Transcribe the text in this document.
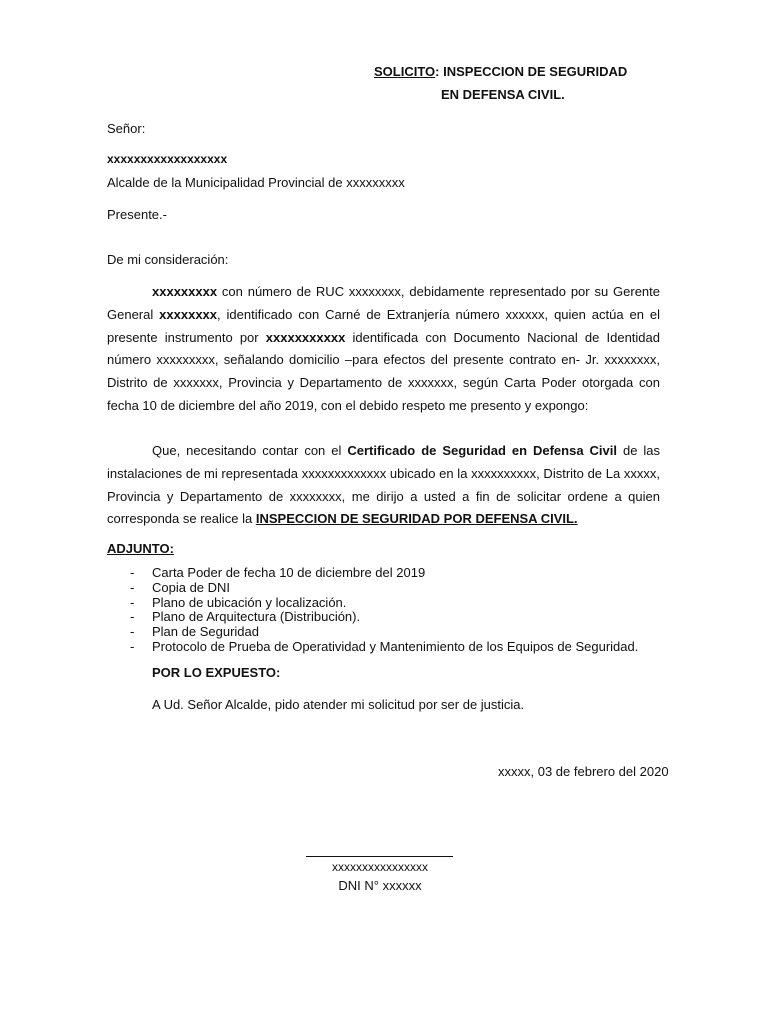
SOLICITO: INSPECCION DE SEGURIDAD
EN DEFENSA CIVIL.
Señor:
xxxxxxxxxxxxxxxxxx
Alcalde de la Municipalidad Provincial de xxxxxxxxx
Presente.-
De mi consideración:
xxxxxxxxx con número de RUC xxxxxxxx, debidamente representado por su Gerente General xxxxxxxx, identificado con Carné de Extranjería número xxxxxx, quien actúa en el presente instrumento por xxxxxxxxxxx identificada con Documento Nacional de Identidad número xxxxxxxxx, señalando domicilio –para efectos del presente contrato en- Jr. xxxxxxxx, Distrito de xxxxxxx, Provincia y Departamento de xxxxxxx, según Carta Poder otorgada con fecha 10 de diciembre del año 2019, con el debido respeto me presento y expongo:
Que, necesitando contar con el Certificado de Seguridad en Defensa Civil de las instalaciones de mi representada xxxxxxxxxxxxx ubicado en la xxxxxxxxxx, Distrito de La xxxxx, Provincia y Departamento de xxxxxxxx, me dirijo a usted a fin de solicitar ordene a quien corresponda se realice la INSPECCION DE SEGURIDAD POR DEFENSA CIVIL.
ADJUNTO:
- Carta Poder de fecha 10 de diciembre del 2019
- Copia de DNI
- Plano de ubicación y localización.
- Plano de Arquitectura (Distribución).
- Plan de Seguridad
- Protocolo de Prueba de Operatividad y Mantenimiento de los Equipos de Seguridad.
POR LO EXPUESTO:
A Ud. Señor Alcalde, pido atender mi solicitud por ser de justicia.
xxxxx, 03 de febrero del 2020
xxxxxxxxxxxxxxxx
DNI N° xxxxxx
